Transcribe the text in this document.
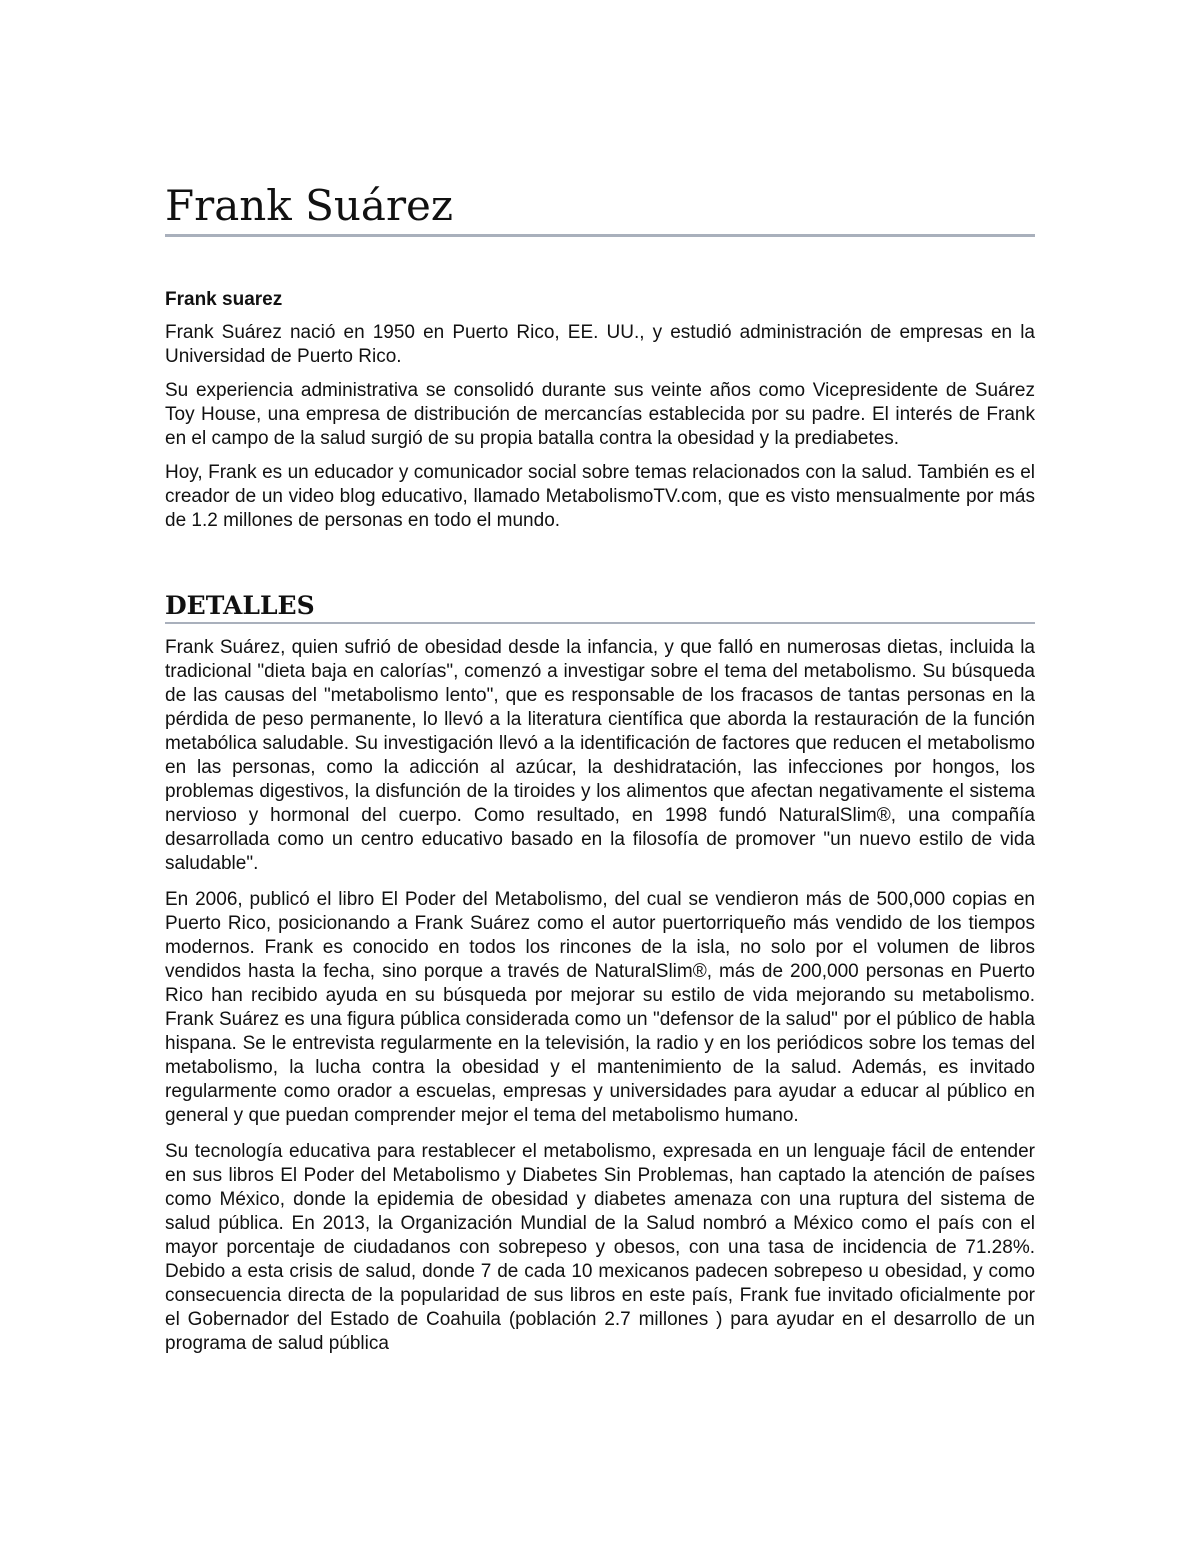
Frank Suárez
Frank suarez

Frank Suárez nació en 1950 en Puerto Rico, EE. UU., y estudió administración de empresas en la Universidad de Puerto Rico.

Su experiencia administrativa se consolidó durante sus veinte años como Vicepresidente de Suárez Toy House, una empresa de distribución de mercancías establecida por su padre. El interés de Frank en el campo de la salud surgió de su propia batalla contra la obesidad y la prediabetes.

Hoy, Frank es un educador y comunicador social sobre temas relacionados con la salud. También es el creador de un video blog educativo, llamado MetabolismoTV.com, que es visto mensualmente por más de 1.2 millones de personas en todo el mundo.

DETALLES

Frank Suárez, quien sufrió de obesidad desde la infancia, y que falló en numerosas dietas, incluida la tradicional "dieta baja en calorías", comenzó a investigar sobre el tema del metabolismo. Su búsqueda de las causas del "metabolismo lento", que es responsable de los fracasos de tantas personas en la pérdida de peso permanente, lo llevó a la literatura científica que aborda la restauración de la función metabólica saludable. Su investigación llevó a la identificación de factores que reducen el metabolismo en las personas, como la adicción al azúcar, la deshidratación, las infecciones por hongos, los problemas digestivos, la disfunción de la tiroides y los alimentos que afectan negativamente el sistema nervioso y hormonal del cuerpo. Como resultado, en 1998 fundó NaturalSlim®, una compañía desarrollada como un centro educativo basado en la filosofía de promover "un nuevo estilo de vida saludable".

En 2006, publicó el libro El Poder del Metabolismo, del cual se vendieron más de 500,000 copias en Puerto Rico, posicionando a Frank Suárez como el autor puertorriqueño más vendido de los tiempos modernos. Frank es conocido en todos los rincones de la isla, no solo por el volumen de libros vendidos hasta la fecha, sino porque a través de NaturalSlim®, más de 200,000 personas en Puerto Rico han recibido ayuda en su búsqueda por mejorar su estilo de vida mejorando su metabolismo. Frank Suárez es una figura pública considerada como un "defensor de la salud" por el público de habla hispana. Se le entrevista regularmente en la televisión, la radio y en los periódicos sobre los temas del metabolismo, la lucha contra la obesidad y el mantenimiento de la salud. Además, es invitado regularmente como orador a escuelas, empresas y universidades para ayudar a educar al público en general y que puedan comprender mejor el tema del metabolismo humano.

Su tecnología educativa para restablecer el metabolismo, expresada en un lenguaje fácil de entender en sus libros El Poder del Metabolismo y Diabetes Sin Problemas, han captado la atención de países como México, donde la epidemia de obesidad y diabetes amenaza con una ruptura del sistema de salud pública. En 2013, la Organización Mundial de la Salud nombró a México como el país con el mayor porcentaje de ciudadanos con sobrepeso y obesos, con una tasa de incidencia de 71.28%. Debido a esta crisis de salud, donde 7 de cada 10 mexicanos padecen sobrepeso u obesidad, y como consecuencia directa de la popularidad de sus libros en este país, Frank fue invitado oficialmente por el Gobernador del Estado de Coahuila (población 2.7 millones ) para ayudar en el desarrollo de un programa de salud pública
